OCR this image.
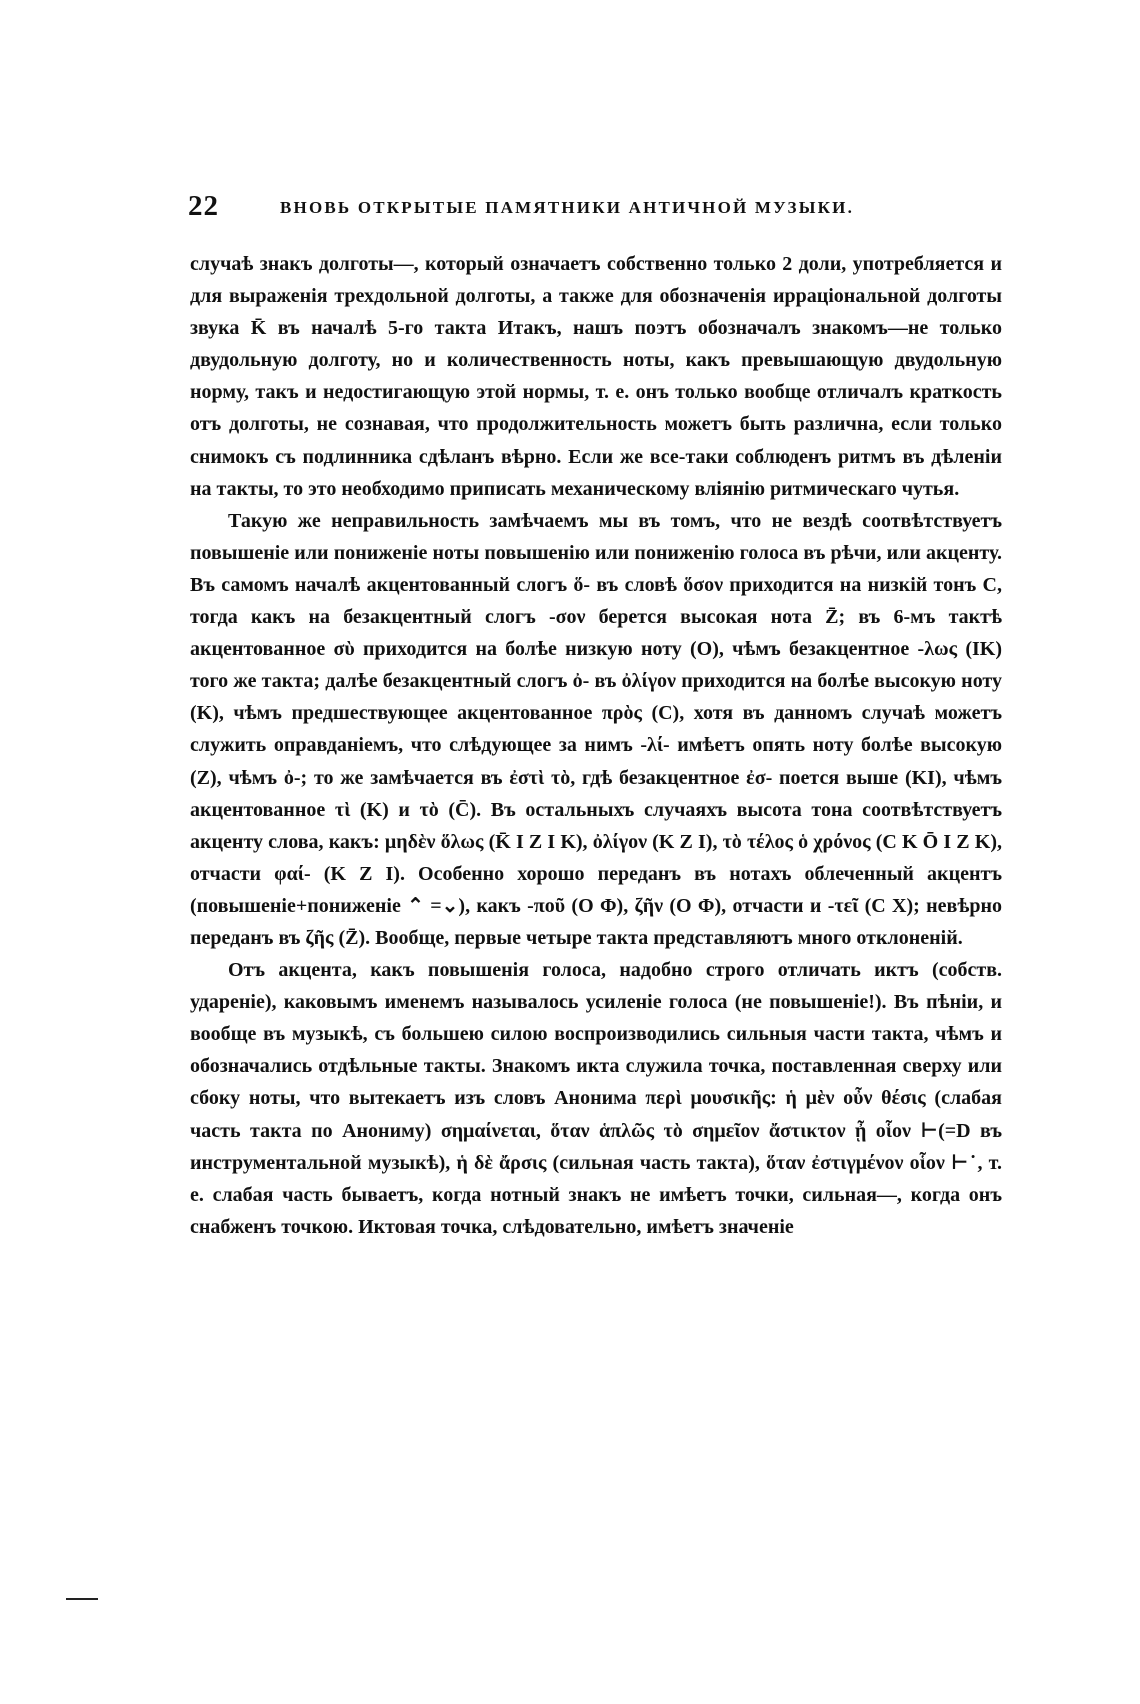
22	ВНОВЬ ОТКРЫТЫЕ ПАМЯТНИКИ АНТИЧНОЙ МУЗЫКИ.

случаѣ знакъ долготы—, который означаетъ собственно только 2 доли, употребляется и для выраженія трехдольной долготы, а также для обозначенія ирраціональной долготы звука K̄ въ началѣ 5-го такта Итакъ, нашъ поэтъ обозначалъ знакомъ—не только двудольную долготу, но и количественность ноты, какъ превышающую двудольную норму, такъ и недостигающую этой нормы, т. е. онъ только вообще отличалъ краткость отъ долготы, не сознавая, что продолжительность можетъ быть различна, если только снимокъ съ подлинника сдѣланъ вѣрно. Если же все-таки соблюденъ ритмъ въ дѣленіи на такты, то это необходимо приписать механическому вліянію ритмическаго чутья.

Такую же неправильность замѣчаемъ мы въ томъ, что не вездѣ соотвѣтствуетъ повышеніе или пониженіе ноты повышенію или пониженію голоса въ рѣчи, или акценту. Въ самомъ началѣ акцентованный слогъ ὅ- въ словѣ ὅσον приходится на низкій тонъ C, тогда какъ на безакцентный слогъ -σον берется высокая нота Z̄; въ 6-мъ тактѣ акцентованное σὺ приходится на болѣе низкую ноту (O), чѣмъ безакцентное -λως (IK) того же такта; далѣе безакцентный слогъ ὀ- въ ὀλίγον приходится на болѣе высокую ноту (K), чѣмъ предшествующее акцентованное πρὸς (C), хотя въ данномъ случаѣ можетъ служить оправданіемъ, что слѣдующее за нимъ -λί- имѣетъ опять ноту болѣе высокую (Z), чѣмъ ὀ-; то же замѣчается въ ἐστὶ τὸ, гдѣ безакцентное ἐσ- поется выше (KI), чѣмъ акцентованное τὶ (K) и τὸ (C̄). Въ остальныхъ случаяхъ высота тона соотвѣтствуетъ акценту слова, какъ: μηδὲν ὅλως (K̄ I Z I K), ὀλίγον (K Z I), τὸ τέλος ὁ χρόνος (C K Ō I Z K), отчасти φαί- (K Z I). Особенно хорошо переданъ въ нотахъ облеченный акцентъ (повышеніе+пониженіе ⌃ =⌄), какъ -ποῦ (O Φ), ζῆν (O Φ), отчасти и -τεῖ (C X); невѣрно переданъ въ ζῆς (Z̄). Вообще, первые четыре такта представляютъ много отклоненій.

Отъ акцента, какъ повышенія голоса, надобно строго отличать иктъ (собств. удареніе), каковымъ именемъ называлось усиленіе голоса (не повышеніе!). Въ пѣніи, и вообще въ музыкѣ, съ большею силою воспроизводились сильныя части такта, чѣмъ и обозначались отдѣльные такты. Знакомъ икта служила точка, поставленная сверху или сбоку ноты, что вытекаетъ изъ словъ Анонима περὶ μουσικῆς: ἡ μὲν οὖν θέσις (слабая часть такта по Анониму) σημαίνεται, ὅταν ἁπλῶς τὸ σημεῖον ἄστικτον ᾖ οἷον ⊢(=D въ инструментальной музыкѣ), ἡ δὲ ἄρσις (сильная часть такта), ὅταν ἐστιγμένον οἷον ⊢˙, т. е. слабая часть бываетъ, когда нотный знакъ не имѣетъ точки, сильная—, когда онъ снабженъ точкою. Иктовая точка, слѣдовательно, имѣетъ значеніе
